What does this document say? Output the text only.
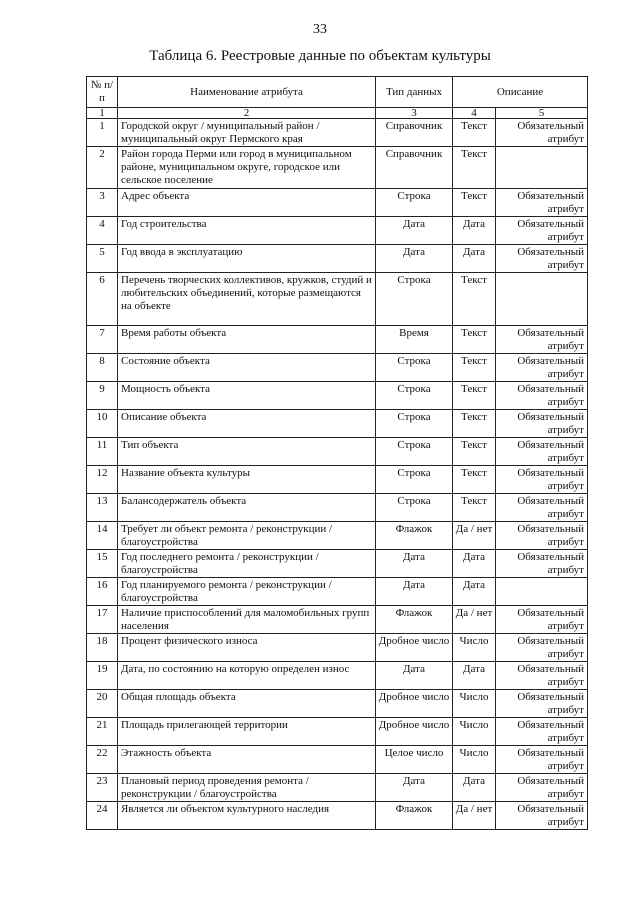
33
Таблица 6. Реестровые данные по объектам культуры
№ п/п	Наименование атрибута	Тип данных	Описание	
1	2	3	4	5
1	Городской округ / муниципальный район / муниципальный округ Пермского края	Справочник	Текст	Обязательный атрибут
2	Район города Перми или город в муниципальном районе, муниципальном округе, городское или сельское поселение	Справочник	Текст	
3	Адрес объекта	Строка	Текст	Обязательный атрибут
4	Год строительства	Дата	Дата	Обязательный атрибут
5	Год ввода в эксплуатацию	Дата	Дата	Обязательный атрибут
6	Перечень творческих коллективов, кружков, студий и любительских объединений, которые размещаются на объекте	Строка	Текст	
7	Время работы объекта	Время	Текст	Обязательный атрибут
8	Состояние объекта	Строка	Текст	Обязательный атрибут
9	Мощность объекта	Строка	Текст	Обязательный атрибут
10	Описание объекта	Строка	Текст	Обязательный атрибут
11	Тип объекта	Строка	Текст	Обязательный атрибут
12	Название объекта культуры	Строка	Текст	Обязательный атрибут
13	Балансодержатель объекта	Строка	Текст	Обязательный атрибут
14	Требует ли объект ремонта / реконструкции / благоустройства	Флажок	Да / нет	Обязательный атрибут
15	Год последнего ремонта / реконструкции / благоустройства	Дата	Дата	Обязательный атрибут
16	Год планируемого ремонта / реконструкции / благоустройства	Дата	Дата	
17	Наличие приспособлений для маломобильных групп населения	Флажок	Да / нет	Обязательный атрибут
18	Процент физического износа	Дробное число	Число	Обязательный атрибут
19	Дата, по состоянию на которую определен износ	Дата	Дата	Обязательный атрибут
20	Общая площадь объекта	Дробное число	Число	Обязательный атрибут
21	Площадь прилегающей территории	Дробное число	Число	Обязательный атрибут
22	Этажность объекта	Целое число	Число	Обязательный атрибут
23	Плановый период проведения ремонта / реконструкции / благоустройства	Дата	Дата	Обязательный атрибут
24	Является ли объектом культурного наследия	Флажок	Да / нет	Обязательный атрибут
